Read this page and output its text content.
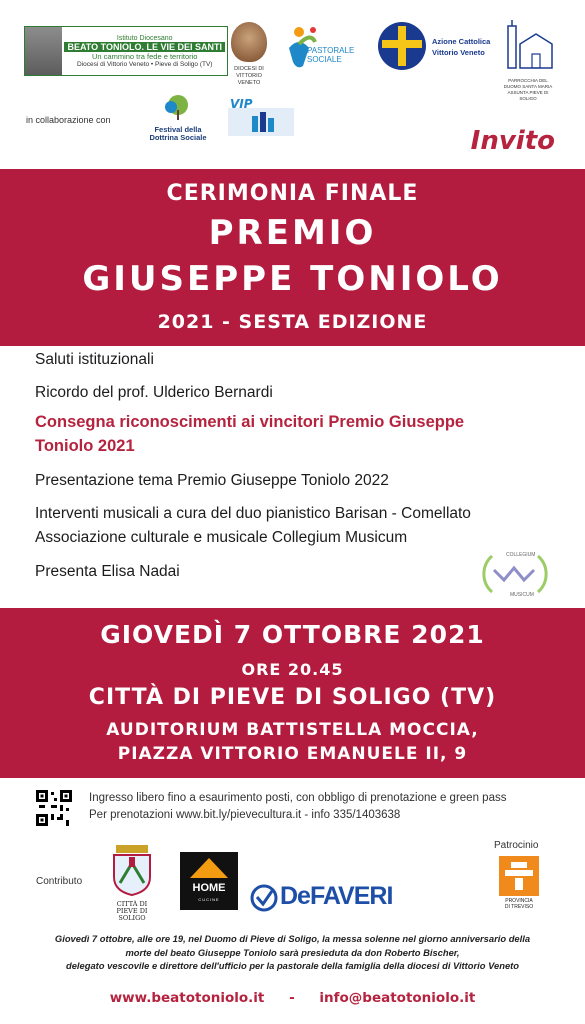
Istituto Diocesano
BEATO TONIOLO. LE VIE DEI SANTI
Un cammino tra fede e territorio
Diocesi di Vittorio Veneto • Pieve di Soligo (TV)
DIOCESI DI VITTORIO VENETO
PASTORALE SOCIALE
Azione Cattolica
Vittorio Veneto
PARROCCHIA DEL DUOMO SANTA MARIA ASSUNTA PIEVE DI SOLIGO
in collaborazione con
Festival della
Dottrina Sociale
VIP
Invito
CERIMONIA FINALE
PREMIO
GIUSEPPE TONIOLO
2021 - SESTA EDIZIONE

Saluti istituzionali

Ricordo del prof. Ulderico Bernardi

Consegna riconoscimenti ai vincitori Premio Giuseppe

Toniolo 2021

Presentazione tema Premio Giuseppe Toniolo 2022

Interventi musicali a cura del duo pianistico Barisan - Comellato

Associazione culturale e musicale Collegium Musicum

Presenta Elisa Nadai

COLLEGIUM
MUSICUM
GIOVEDÌ 7 OTTOBRE 2021
ORE 20.45
CITTÀ DI PIEVE DI SOLIGO (TV)
AUDITORIUM BATTISTELLA MOCCIA,
PIAZZA VITTORIO EMANUELE II, 9
Ingresso libero fino a esaurimento posti, con obbligo di prenotazione e green pass
Per prenotazioni www.bit.ly/pievecultura.it - info 335/1403638
Patrocinio
Contributo
CITTÀ DI
PIEVE DI SOLIGO
HOME
CUCINE	DeFAVERI	PROVINCIA
DI TREVISO
Giovedì 7 ottobre, alle ore 19, nel Duomo di Pieve di Soligo, la messa solenne nel giorno anniversario della
morte del beato Giuseppe Toniolo sarà presieduta da don Roberto Bischer,
delegato vescovile e direttore dell'ufficio per la pastorale della famiglia della diocesi di Vittorio Veneto
www.beatotoniolo.it - info@beatotoniolo.it
